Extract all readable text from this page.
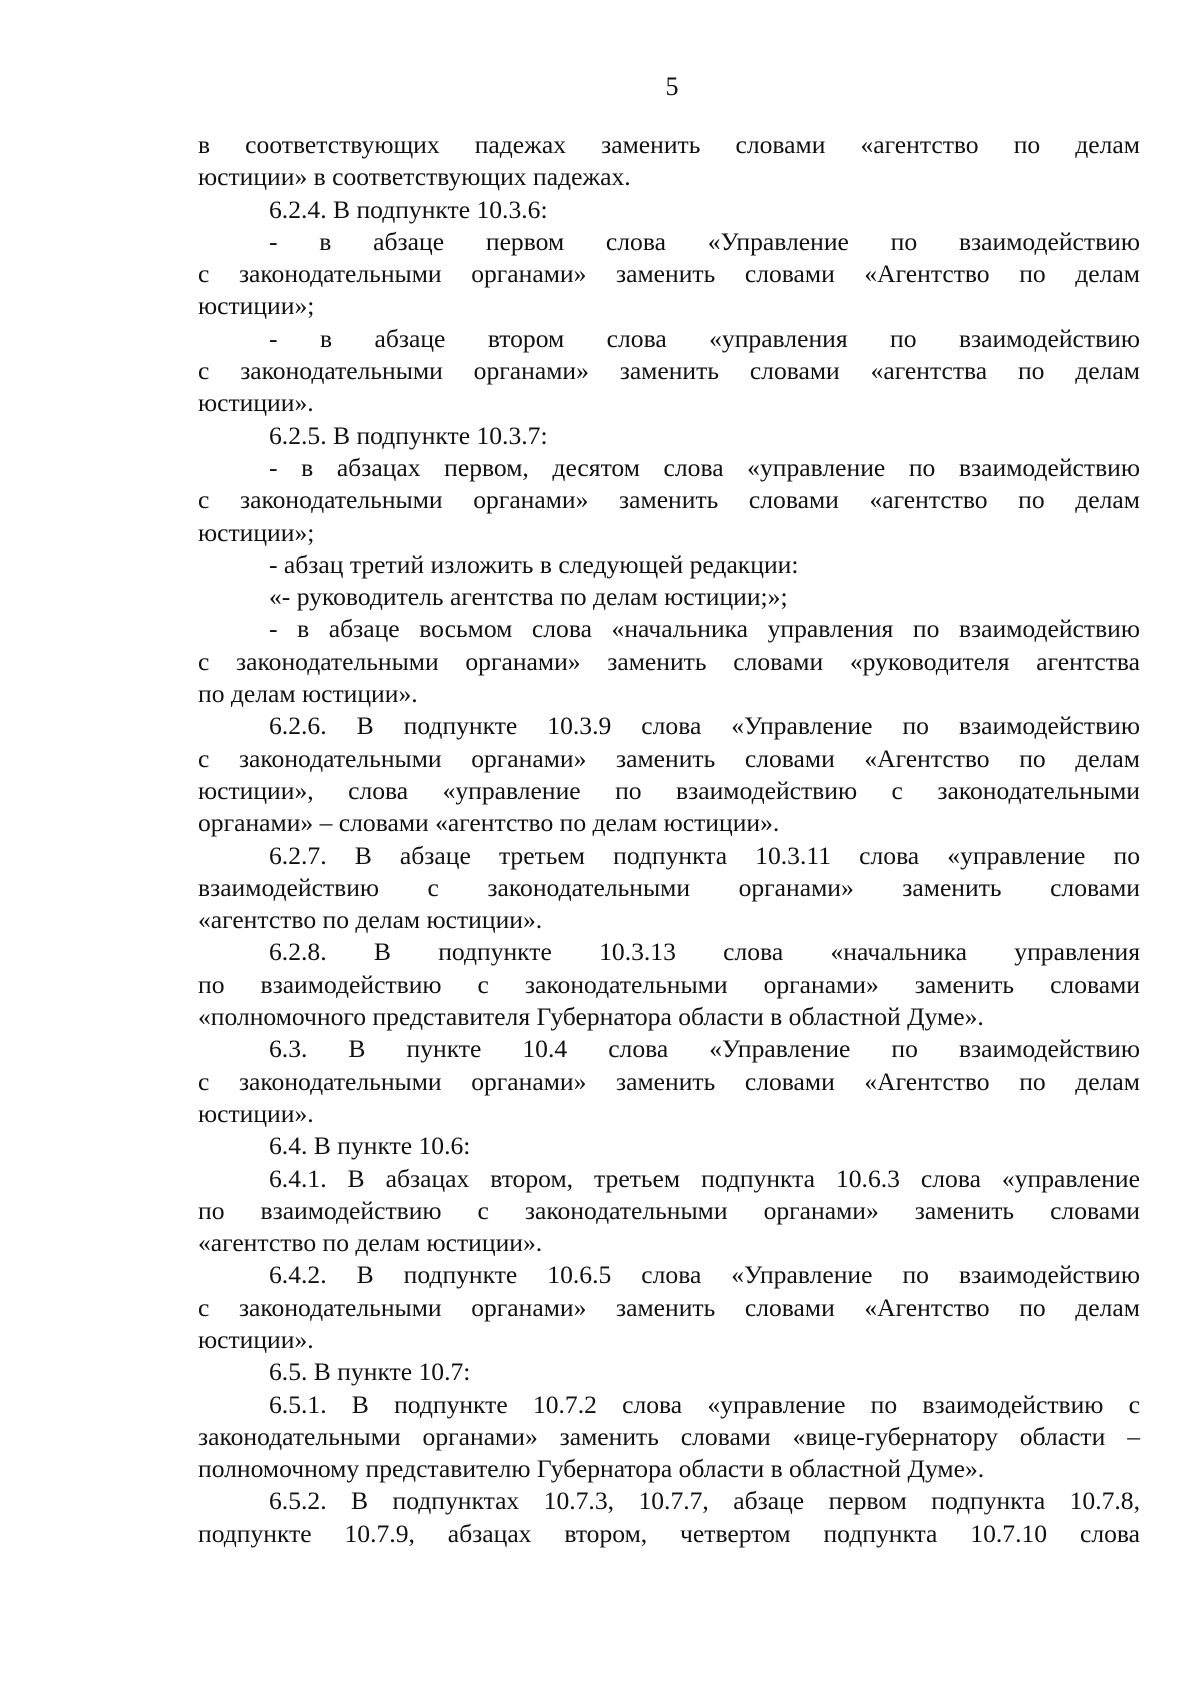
5

в соответствующих падежах заменить словами «агентство по делам

юстиции» в соответствующих падежах.

6.2.4. В подпункте 10.3.6:

- в абзаце первом слова «Управление по взаимодействию

с законодательными органами» заменить словами «Агентство по делам

юстиции»;

- в абзаце втором слова «управления по взаимодействию

с законодательными органами» заменить словами «агентства по делам

юстиции».

6.2.5. В подпункте 10.3.7:

- в абзацах первом, десятом слова «управление по взаимодействию

с законодательными органами» заменить словами «агентство по делам

юстиции»;

- абзац третий изложить в следующей редакции:

«- руководитель агентства по делам юстиции;»;

- в абзаце восьмом слова «начальника управления по взаимодействию

с законодательными органами» заменить словами «руководителя агентства

по делам юстиции».

6.2.6. В подпункте 10.3.9 слова «Управление по взаимодействию

с законодательными органами» заменить словами «Агентство по делам

юстиции», слова «управление по взаимодействию с законодательными

органами» – словами «агентство по делам юстиции».

6.2.7. В абзаце третьем подпункта 10.3.11 слова «управление по

взаимодействию с законодательными органами» заменить словами

«агентство по делам юстиции».

6.2.8. В подпункте 10.3.13 слова «начальника управления

по взаимодействию с законодательными органами» заменить словами

«полномочного представителя Губернатора области в областной Думе».

6.3. В пункте 10.4 слова «Управление по взаимодействию

с законодательными органами» заменить словами «Агентство по делам

юстиции».

6.4. В пункте 10.6:

6.4.1. В абзацах втором, третьем подпункта 10.6.3 слова «управление

по взаимодействию с законодательными органами» заменить словами

«агентство по делам юстиции».

6.4.2. В подпункте 10.6.5 слова «Управление по взаимодействию

с законодательными органами» заменить словами «Агентство по делам

юстиции».

6.5. В пункте 10.7:

6.5.1. В подпункте 10.7.2 слова «управление по взаимодействию с

законодательными органами» заменить словами «вице-губернатору области –

полномочному представителю Губернатора области в областной Думе».

6.5.2. В подпунктах 10.7.3, 10.7.7, абзаце первом подпункта 10.7.8,

подпункте 10.7.9, абзацах втором, четвертом подпункта 10.7.10 слова
